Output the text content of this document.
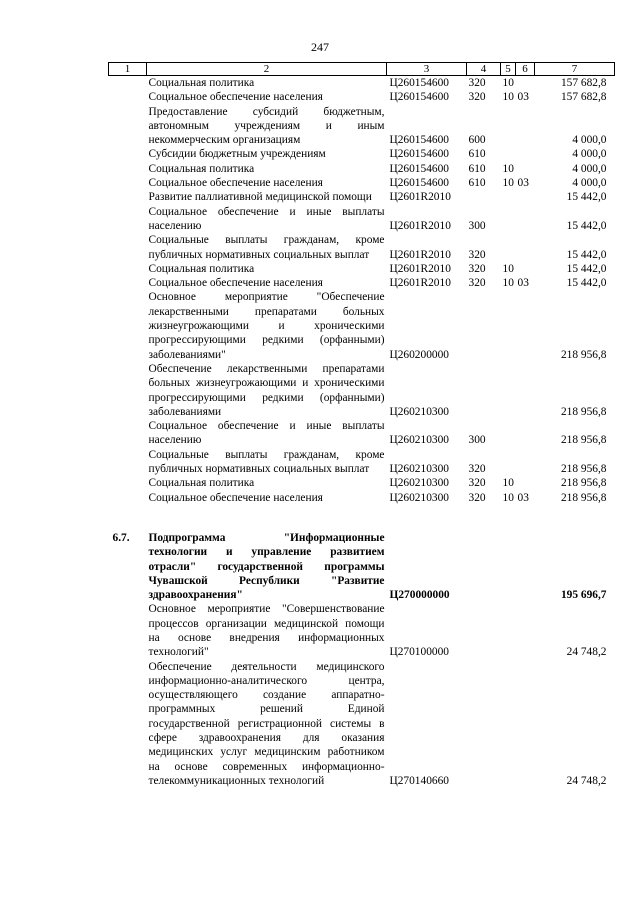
247
1	2	3	4	5	6	7
	Социальная политика	Ц260154600	320	10		157 682,8
	Социальное обеспечение населения	Ц260154600	320	10	03	157 682,8
	Предоставление субсидий бюджетным, автономным учреждениям и иным некоммерческим организациям	Ц260154600	600			4 000,0
	Субсидии бюджетным учреждениям	Ц260154600	610			4 000,0
	Социальная политика	Ц260154600	610	10		4 000,0
	Социальное обеспечение населения	Ц260154600	610	10	03	4 000,0
	Развитие паллиативной медицинской помощи	Ц2601R2010				15 442,0
	Социальное обеспечение и иные выплаты населению	Ц2601R2010	300			15 442,0
	Социальные выплаты гражданам, кроме публичных нормативных социальных выплат	Ц2601R2010	320			15 442,0
	Социальная политика	Ц2601R2010	320	10		15 442,0
	Социальное обеспечение населения	Ц2601R2010	320	10	03	15 442,0
	Основное мероприятие "Обеспечение лекарственными препаратами больных жизнеугрожающими и хроническими прогрессирующими редкими (орфанными) заболеваниями"	Ц260200000				218 956,8
	Обеспечение лекарственными препаратами больных жизнеугрожающими и хроническими прогрессирующими редкими (орфанными) заболеваниями	Ц260210300				218 956,8
	Социальное обеспечение и иные выплаты населению	Ц260210300	300			218 956,8
	Социальные выплаты гражданам, кроме публичных нормативных социальных выплат	Ц260210300	320			218 956,8
	Социальная политика	Ц260210300	320	10		218 956,8
	Социальное обеспечение населения	Ц260210300	320	10	03	218 956,8

6.7.	Подпрограмма "Информационные технологии и управление развитием отрасли" государственной программы Чувашской Республики "Развитие здравоохранения"	Ц270000000				195 696,7
	Основное мероприятие "Совершенствование процессов организации медицинской помощи на основе внедрения информационных технологий"	Ц270100000				24 748,2
	Обеспечение деятельности медицинского информационно-аналитического центра, осуществляющего создание аппаратно-программных решений Единой государственной регистрационной системы в сфере здравоохранения для оказания медицинских услуг медицинским работником на основе современных информационно-телекоммуникационных технологий	Ц270140660				24 748,2
